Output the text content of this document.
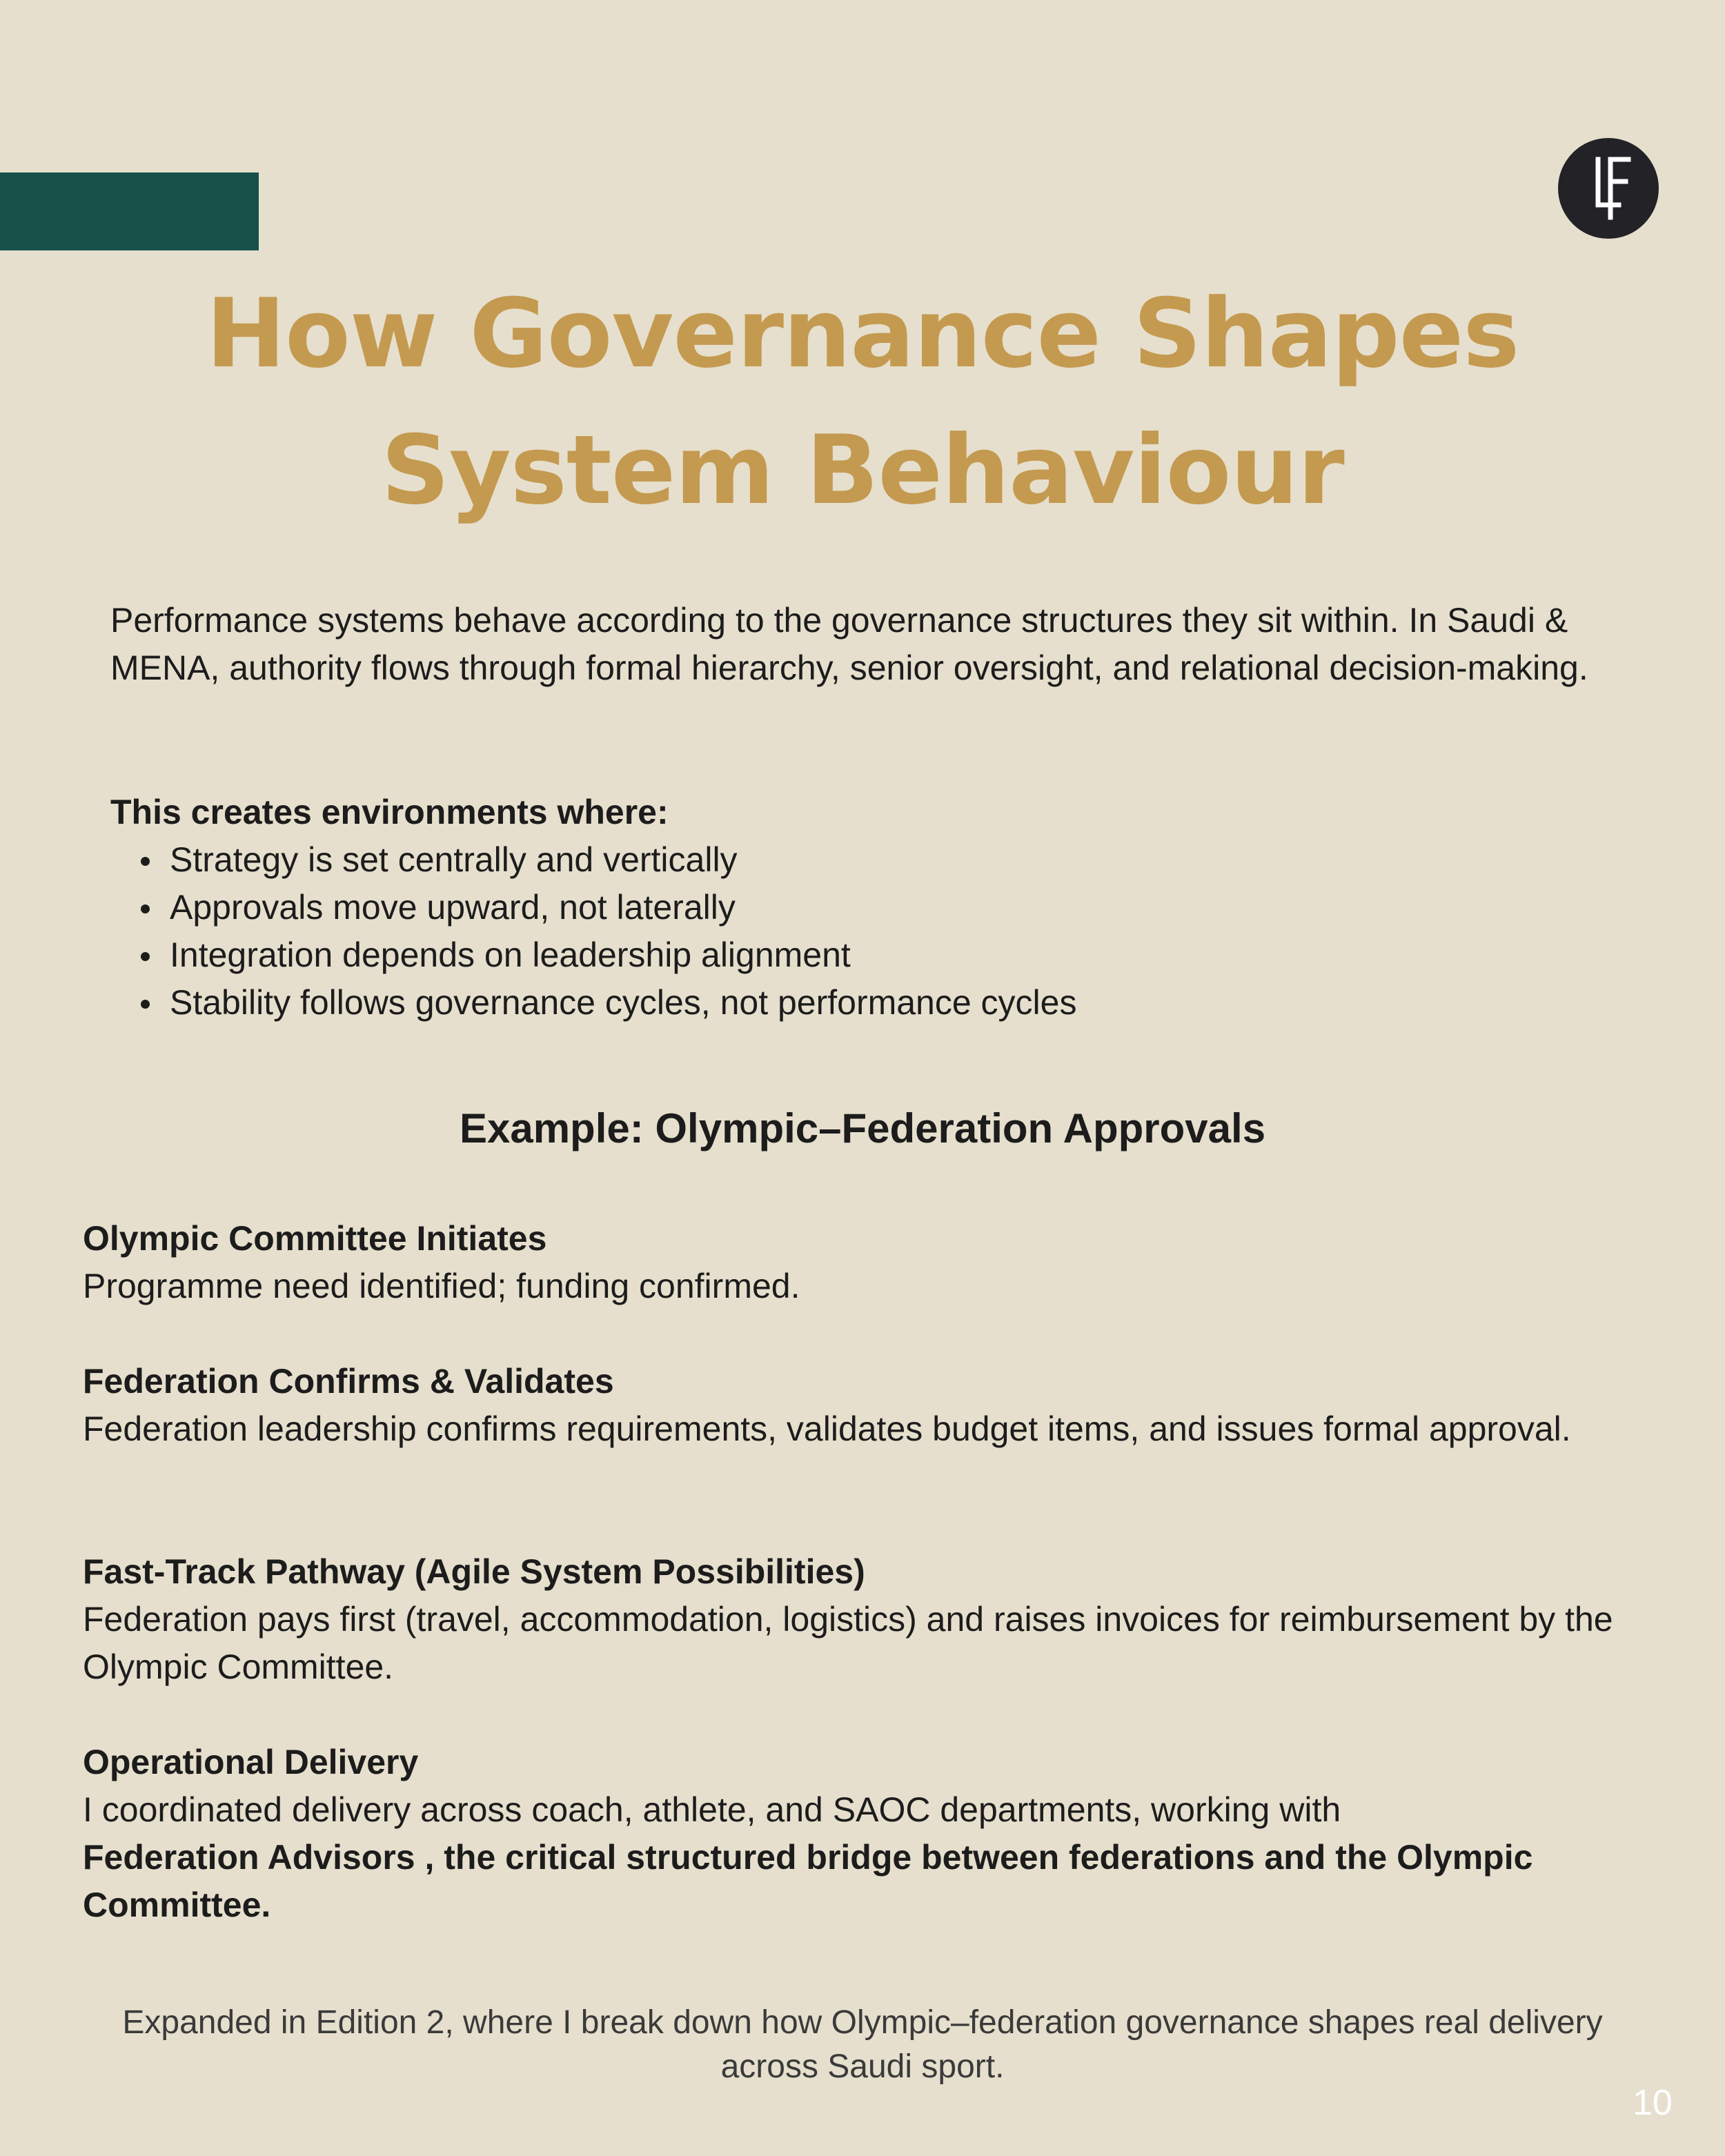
How Governance Shapes
System Behaviour

Performance systems behave according to the governance structures they sit within. In Saudi & MENA, authority flows through formal hierarchy, senior oversight, and relational decision-making.

This creates environments where:

Strategy is set centrally and vertically
Approvals move upward, not laterally
Integration depends on leadership alignment
Stability follows governance cycles, not performance cycles
Example: Olympic–Federation Approvals

Olympic Committee Initiates

Programme need identified; funding confirmed.

Federation Confirms & Validates

Federation leadership confirms requirements, validates budget items, and issues formal approval.

Fast-Track Pathway (Agile System Possibilities)

Federation pays first (travel, accommodation, logistics) and raises invoices for reimbursement by the Olympic Committee.

Operational Delivery

I coordinated delivery across coach, athlete, and SAOC departments, working with
Federation Advisors , the critical structured bridge between federations and the Olympic Committee.

Expanded in Edition 2, where I break down how Olympic–federation governance shapes real delivery across Saudi sport.

10
